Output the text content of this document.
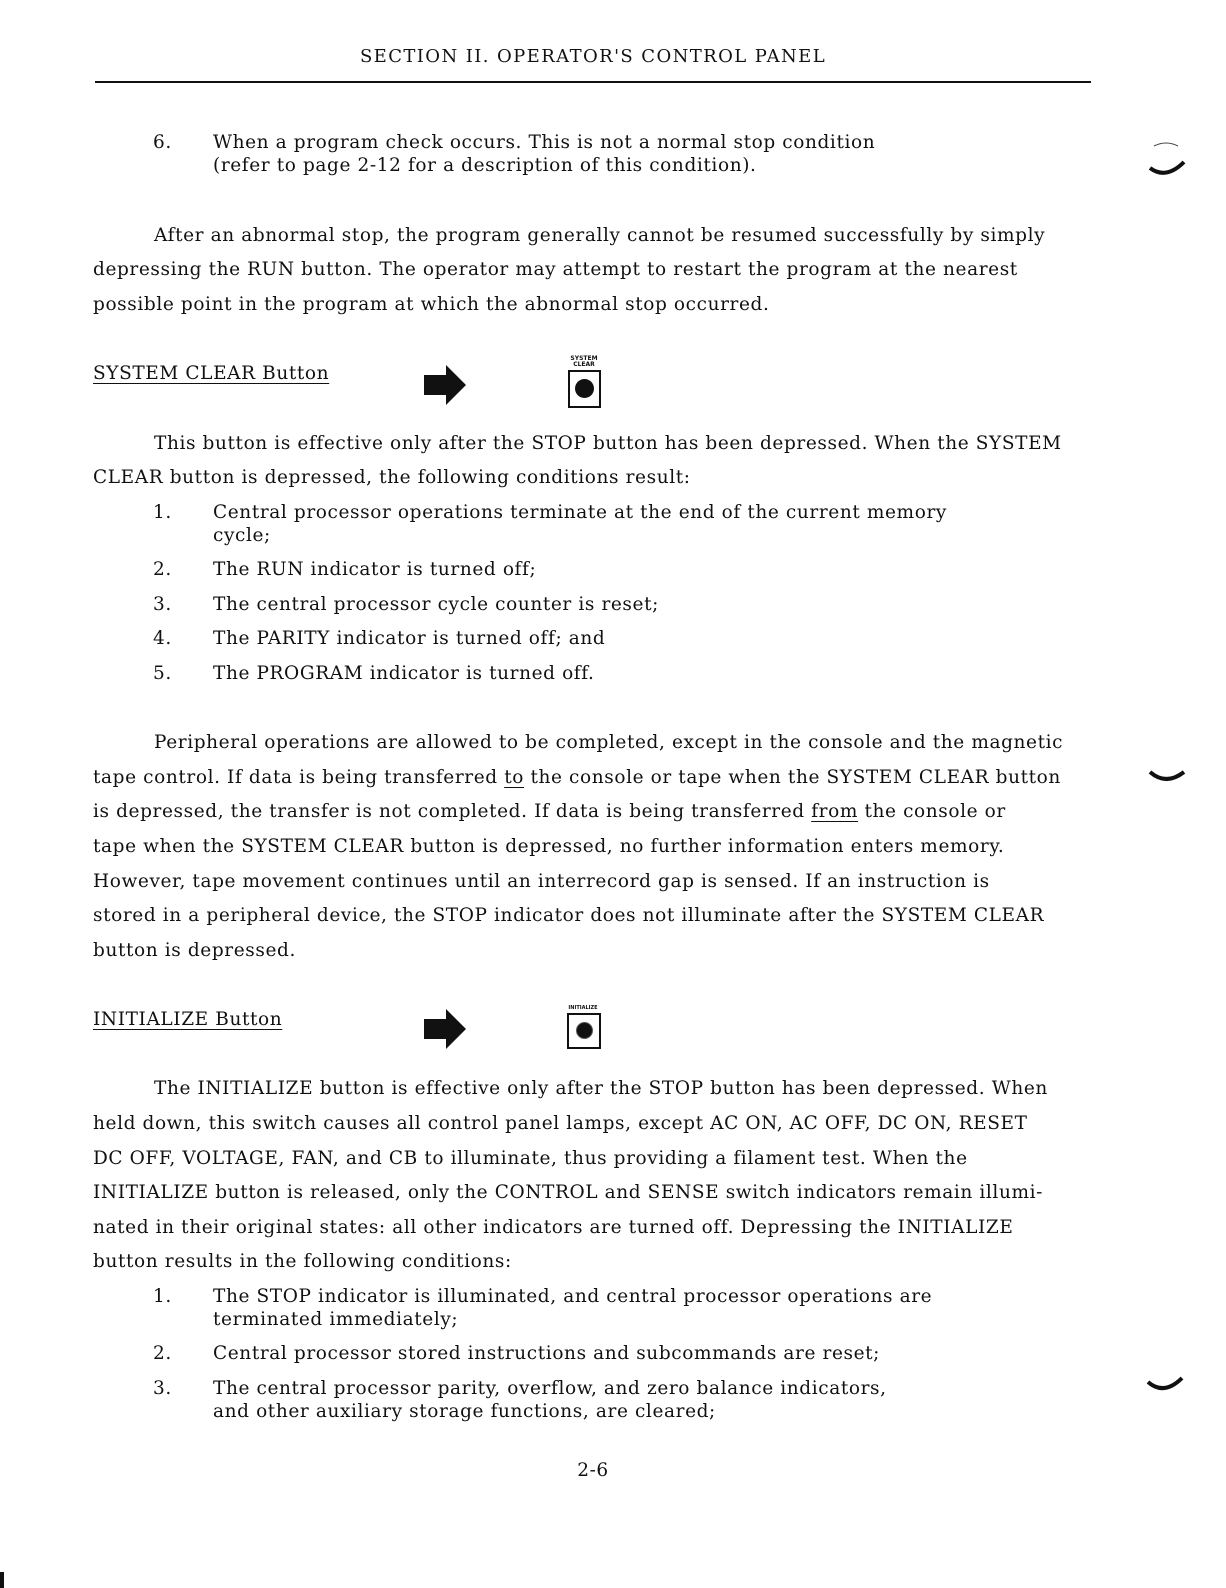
SECTION II. OPERATOR'S CONTROL PANEL
6. When a program check occurs. This is not a normal stop condition
(refer to page 2-12 for a description of this condition).
After an abnormal stop, the program generally cannot be resumed successfully by simply
depressing the RUN button. The operator may attempt to restart the program at the nearest
possible point in the program at which the abnormal stop occurred.
SYSTEM CLEAR Button
SYSTEM
CLEAR
This button is effective only after the STOP button has been depressed. When the SYSTEM
CLEAR button is depressed, the following conditions result:
1. Central processor operations terminate at the end of the current memory
cycle;
2. The RUN indicator is turned off;
3. The central processor cycle counter is reset;
4. The PARITY indicator is turned off; and
5. The PROGRAM indicator is turned off.
Peripheral operations are allowed to be completed, except in the console and the magnetic
tape control. If data is being transferred to the console or tape when the SYSTEM CLEAR button
is depressed, the transfer is not completed. If data is being transferred from the console or
tape when the SYSTEM CLEAR button is depressed, no further information enters memory.
However, tape movement continues until an interrecord gap is sensed. If an instruction is
stored in a peripheral device, the STOP indicator does not illuminate after the SYSTEM CLEAR
button is depressed.
INITIALIZE Button
INITIALIZE
The INITIALIZE button is effective only after the STOP button has been depressed. When
held down, this switch causes all control panel lamps, except AC ON, AC OFF, DC ON, RESET
DC OFF, VOLTAGE, FAN, and CB to illuminate, thus providing a filament test. When the
INITIALIZE button is released, only the CONTROL and SENSE switch indicators remain illumi-
nated in their original states: all other indicators are turned off. Depressing the INITIALIZE
button results in the following conditions:
1. The STOP indicator is illuminated, and central processor operations are
terminated immediately;
2. Central processor stored instructions and subcommands are reset;
3. The central processor parity, overflow, and zero balance indicators,
and other auxiliary storage functions, are cleared;
2-6
